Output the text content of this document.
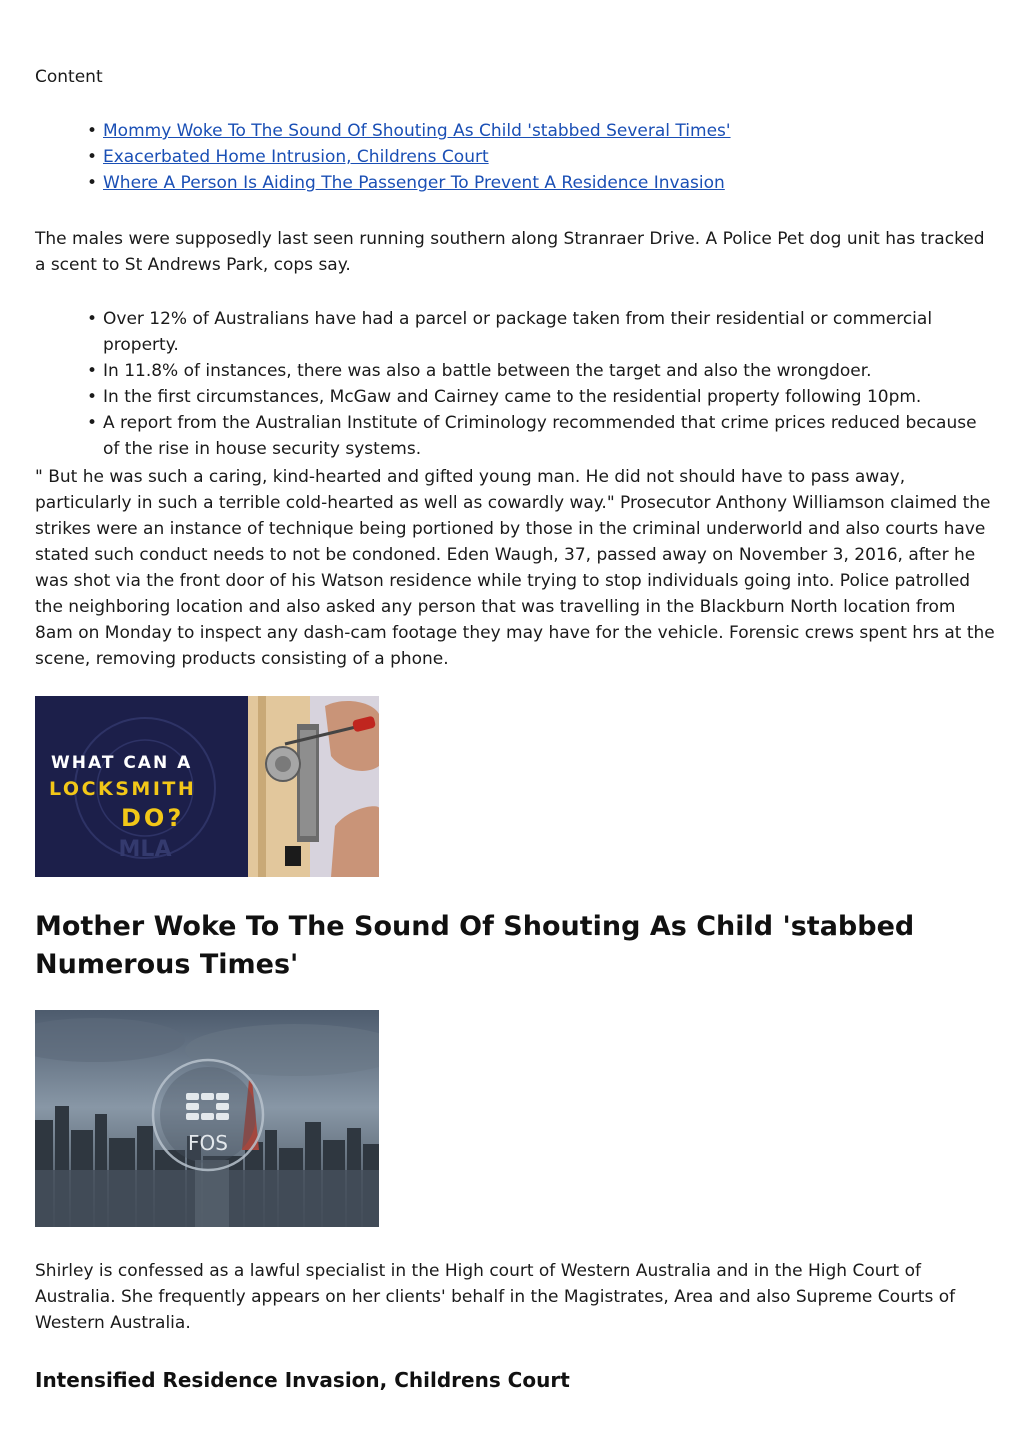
Content
• Mommy Woke To The Sound Of Shouting As Child 'stabbed Several Times'
• Exacerbated Home Intrusion, Childrens Court
• Where A Person Is Aiding The Passenger To Prevent A Residence Invasion

The males were supposedly last seen running southern along Stranraer Drive. A Police Pet dog unit has tracked a scent to St Andrews Park, cops say.

• Over 12% of Australians have had a parcel or package taken from their residential or commercial property.
• In 11.8% of instances, there was also a battle between the target and also the wrongdoer.
• In the first circumstances, McGaw and Cairney came to the residential property following 10pm.
• A report from the Australian Institute of Criminology recommended that crime prices reduced because of the rise in house security systems.

" But he was such a caring, kind-hearted and gifted young man. He did not should have to pass away, particularly in such a terrible cold-hearted as well as cowardly way." Prosecutor Anthony Williamson claimed the strikes were an instance of technique being portioned by those in the criminal underworld and also courts have stated such conduct needs to not be condoned. Eden Waugh, 37, passed away on November 3, 2016, after he was shot via the front door of his Watson residence while trying to stop individuals going into. Police patrolled the neighboring location and also asked any person that was travelling in the Blackburn North location from 8am on Monday to inspect any dash-cam footage they may have for the vehicle. Forensic crews spent hrs at the scene, removing products consisting of a phone.

MLA
WHAT CAN A
LOCKSMITH
DO?
Mother Woke To The Sound Of Shouting As Child 'stabbed Numerous Times'
FOS

Shirley is confessed as a lawful specialist in the High court of Western Australia and in the High Court of Australia. She frequently appears on her clients' behalf in the Magistrates, Area and also Supreme Courts of Western Australia.

Intensified Residence Invasion, Childrens Court
